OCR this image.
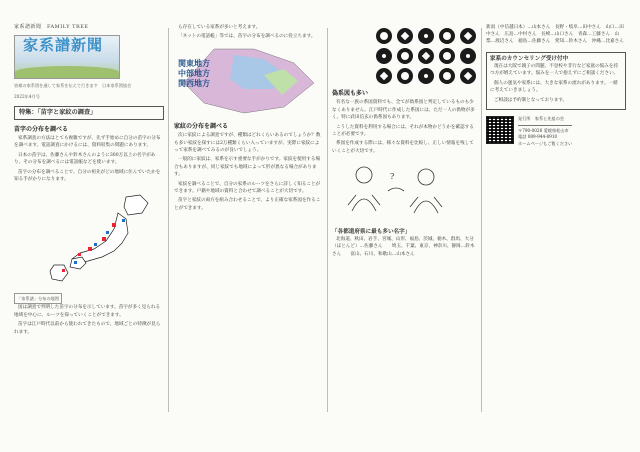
家系譜新聞　FAMILY TREE
家系譜新聞
皆様の家系図を通して家系を伝えて行きます　日本家系図協会
2022年4月号
特集：「苗字と家紋の調査」
苗字の分布を調べる

家系調査の方法はとても複雑ですが、先ず手始めに自分の苗字の分布を調べます。電話調査にかけるには、資料収集の問題にあります。

日本の苗字は、佐藤さんや鈴木さんのように300万以上の名字があり、その分布を調べるには電話帳などを使います。

苗字の分布を調べることで、自分の祖先がどの地域に住んでいたかを知る手がかりになります。

「家系譜」分布の地図

図は調査で判明した苗字の分布を示しています。苗字が多く見られる地域を中心に、ルーツを探っていくことができます。

苗字は江戸時代以前から使われてきたもので、地域ごとの特徴が見られます。

ら存在している家系が多いと考えます。

「ネットの電話帳」等では、苗字の分布を調べるのに役立ちます。

関東地方
中部地方
関西地方
家紋の分布を調べる

次に家紋による調査ですが、種類はどれくらいあるのでしょうか？数も多い家紋を探すには2万種類くらい入っていますが、実際に家紋によって家系を調べてみるのが良いでしょう。

一般的に家紋は、家系を示す重要な手がかりです。家紋を使用する場合もありますが、同じ家紋でも地域によって形が異なる場合があります。

家紋を調べることで、自分の家系のルーツをさらに詳しく知ることができます。戸籍や地域の資料と合わせて調べることが大切です。

苗字と家紋の両方を組み合わせることで、より正確な家系図を作ることができます。

偽系図も多い

有名な一族の系図資料でも、全てが偽系図と判定しているものも少なくありません。江戸時代に作成した系図には、ただ一人の偽物が多く、特に武田信玄の偽系図もあります。

こうした資料を利用する場合には、それが本物かどうかを確認することが必要です。

系図を作成する際には、様々な資料を比較し、正しい情報を残していくことが大切です。

?
「各都道府県に最も多い名字」

北海道、秋田、岩手、宮城、山形、福島、茨城、栃木、群馬、大分（ほとんど）…佐藤さん　　埼玉、千葉、東京、神奈川、静岡…鈴木さん　　富山、石川、和歌山…山本さん

新潟（中信越日本）…山本さん　長野・岐阜…田中さん　山口…田中さん　広島…中村さん　長崎…山口さん　青森…工藤さん　山梨…渡辺さん　徳島…佐藤さん　愛知…鈴木さん　沖縄…比嘉さん
家系のカウンセリング受け付中

現在は大阪で親子の問題、不登校や非行など家庭の悩みを持つ方が増えています。悩みを一人で抱えずにご相談ください。

個人の運気や家系には、大きな家系の流れがあります。一緒に考えていきましょう。

ご相談は予約制となっております。

発行所　家系と先祖の会
〒790-0026 愛媛県松山市
電話 089-944-8910
ホームページもご覧ください
